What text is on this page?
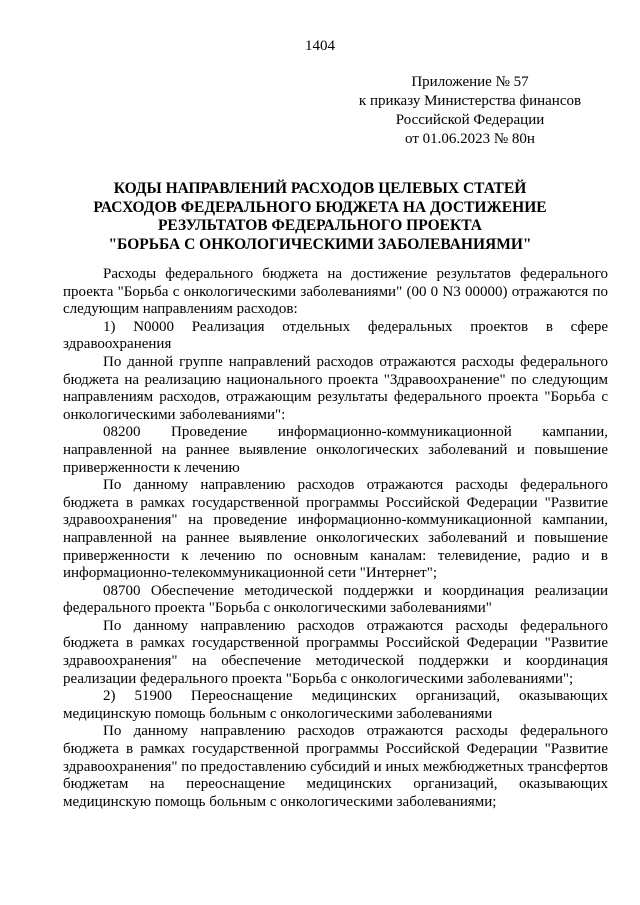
1404
Приложение № 57
к приказу Министерства финансов
Российской Федерации
от 01.06.2023 № 80н
КОДЫ НАПРАВЛЕНИЙ РАСХОДОВ ЦЕЛЕВЫХ СТАТЕЙ
РАСХОДОВ ФЕДЕРАЛЬНОГО БЮДЖЕТА НА ДОСТИЖЕНИЕ
РЕЗУЛЬТАТОВ ФЕДЕРАЛЬНОГО ПРОЕКТА
"БОРЬБА С ОНКОЛОГИЧЕСКИМИ ЗАБОЛЕВАНИЯМИ"

Расходы федерального бюджета на достижение результатов федерального проекта "Борьба с онкологическими заболеваниями" (00 0 N3 00000) отражаются по следующим направлениям расходов:

1) N0000 Реализация отдельных федеральных проектов в сфере здравоохранения

По данной группе направлений расходов отражаются расходы федерального бюджета на реализацию национального проекта "Здравоохранение" по следующим направлениям расходов, отражающим результаты федерального проекта "Борьба с онкологическими заболеваниями":

08200 Проведение информационно-коммуникационной кампании, направленной на раннее выявление онкологических заболеваний и повышение приверженности к лечению

По данному направлению расходов отражаются расходы федерального бюджета в рамках государственной программы Российской Федерации "Развитие здравоохранения" на проведение информационно-коммуникационной кампании, направленной на раннее выявление онкологических заболеваний и повышение приверженности к лечению по основным каналам: телевидение, радио и в информационно-телекоммуникационной сети "Интернет";

08700 Обеспечение методической поддержки и координация реализации федерального проекта "Борьба с онкологическими заболеваниями"

По данному направлению расходов отражаются расходы федерального бюджета в рамках государственной программы Российской Федерации "Развитие здравоохранения" на обеспечение методической поддержки и координация реализации федерального проекта "Борьба с онкологическими заболеваниями";

2) 51900 Переоснащение медицинских организаций, оказывающих медицинскую помощь больным с онкологическими заболеваниями

По данному направлению расходов отражаются расходы федерального бюджета в рамках государственной программы Российской Федерации "Развитие здравоохранения" по предоставлению субсидий и иных межбюджетных трансфертов бюджетам на переоснащение медицинских организаций, оказывающих медицинскую помощь больным с онкологическими заболеваниями;
